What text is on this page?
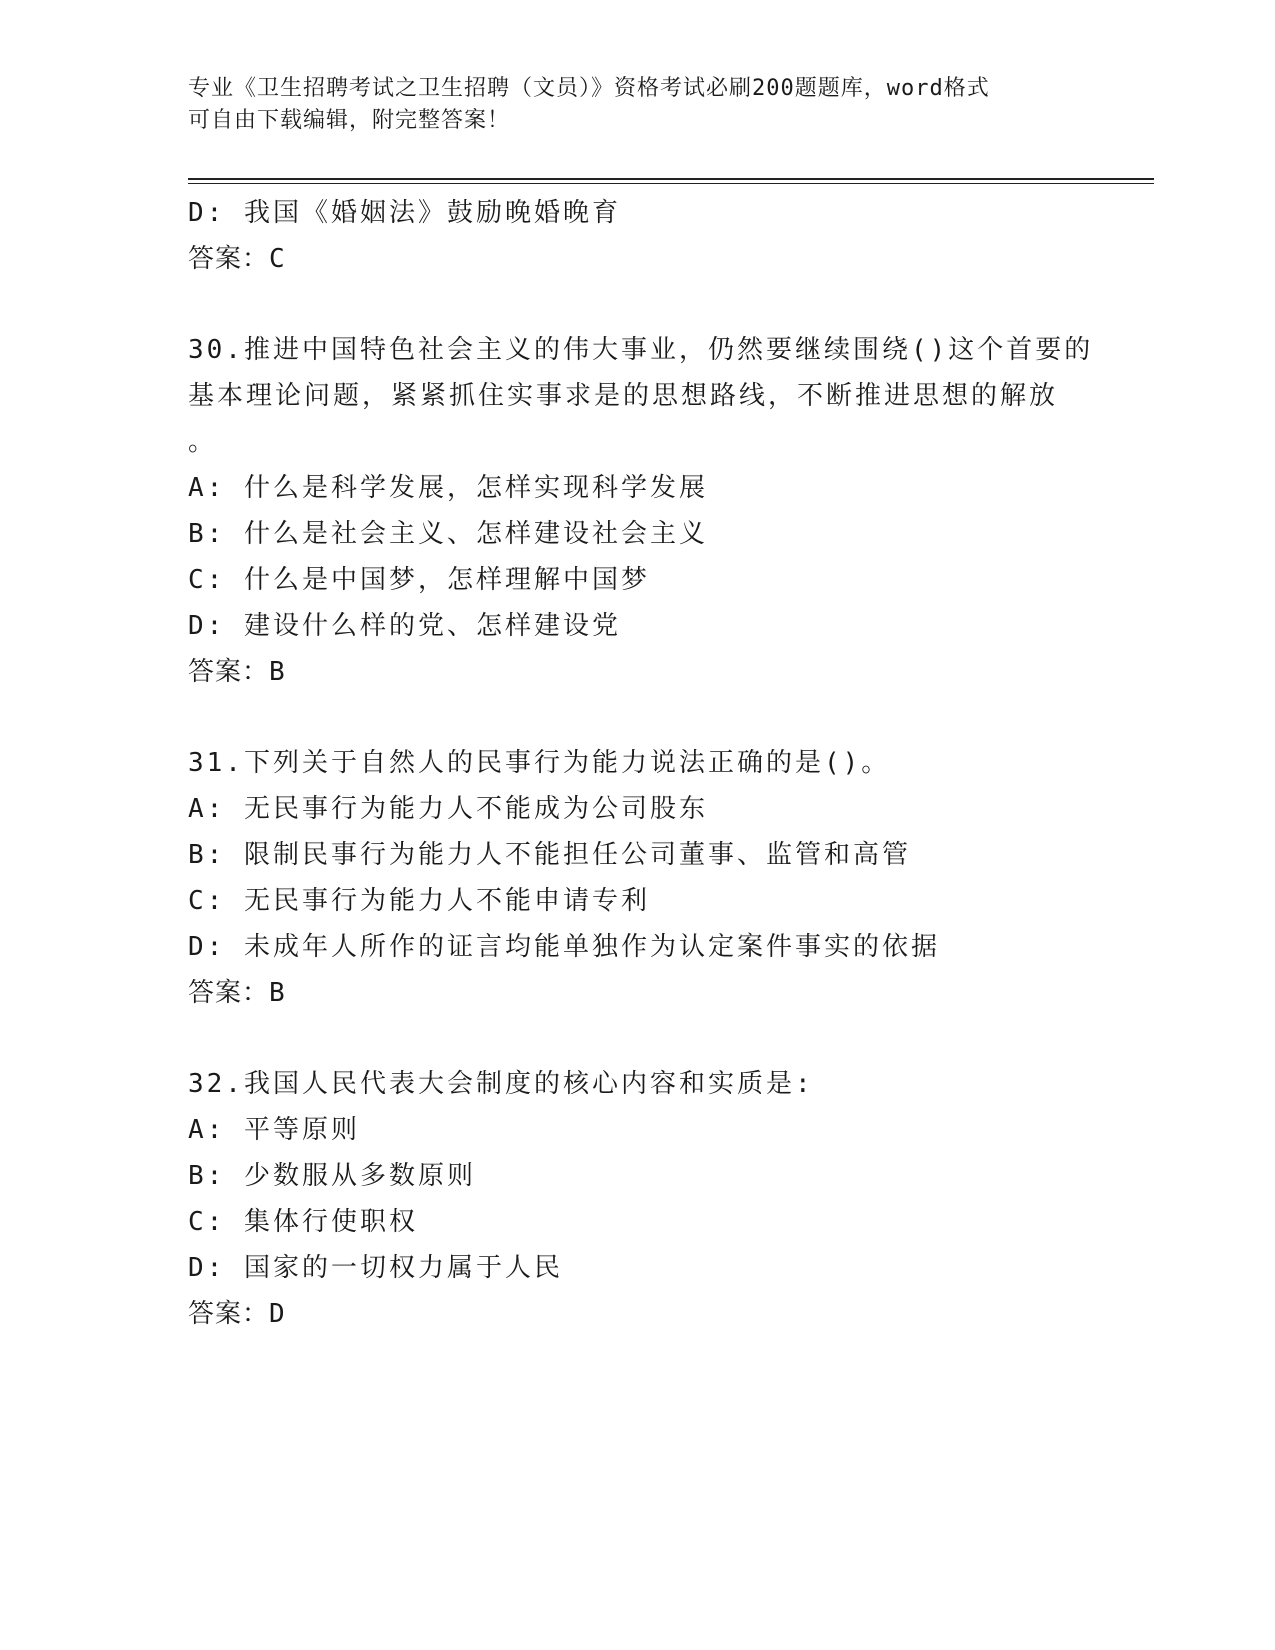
专业《卫生招聘考试之卫生招聘（文员）》资格考试必刷200题题库，word格式
可自由下载编辑，附完整答案！
D: 我国《婚姻法》鼓励晚婚晚育
答案：C
30.推进中国特色社会主义的伟大事业，仍然要继续围绕()这个首要的
基本理论问题，紧紧抓住实事求是的思想路线，不断推进思想的解放
。
A: 什么是科学发展，怎样实现科学发展
B: 什么是社会主义、怎样建设社会主义
C: 什么是中国梦，怎样理解中国梦
D: 建设什么样的党、怎样建设党
答案：B
31.下列关于自然人的民事行为能力说法正确的是()。
A: 无民事行为能力人不能成为公司股东
B: 限制民事行为能力人不能担任公司董事、监管和高管
C: 无民事行为能力人不能申请专利
D: 未成年人所作的证言均能单独作为认定案件事实的依据
答案：B
32.我国人民代表大会制度的核心内容和实质是:
A: 平等原则
B: 少数服从多数原则
C: 集体行使职权
D: 国家的一切权力属于人民
答案：D
